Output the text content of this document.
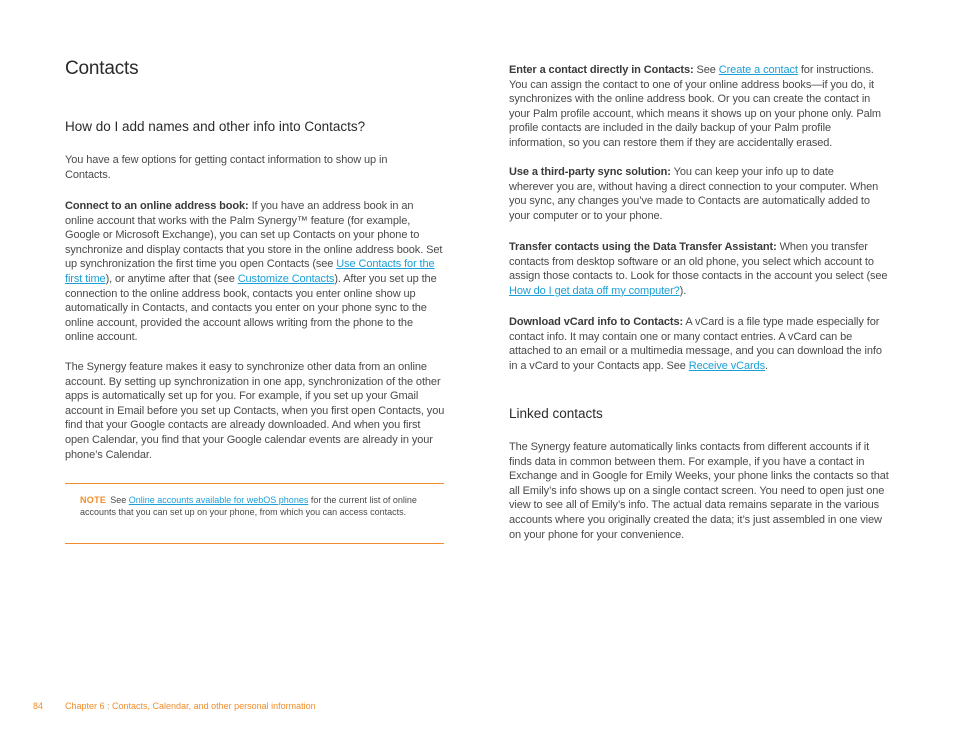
Contacts
How do I add names and other info into Contacts?

You have a few options for getting contact information to show up in Contacts.

Connect to an online address book: If you have an address book in an online account that works with the Palm Synergy™ feature (for example, Google or Microsoft Exchange), you can set up Contacts on your phone to synchronize and display contacts that you store in the online address book. Set up synchronization the first time you open Contacts (see Use Contacts for the first time), or anytime after that (see Customize Contacts). After you set up the connection to the online address book, contacts you enter online show up automatically in Contacts, and contacts you enter on your phone sync to the online account, provided the account allows writing from the phone to the online account.

The Synergy feature makes it easy to synchronize other data from an online account. By setting up synchronization in one app, synchronization of the other apps is automatically set up for you. For example, if you set up your Gmail account in Email before you set up Contacts, when you first open Contacts, you find that your Google contacts are already downloaded. And when you first open Calendar, you find that your Google calendar events are already in your phone’s Calendar.

NOTE See Online accounts available for webOS phones for the current list of online accounts that you can set up on your phone, from which you can access contacts.

Enter a contact directly in Contacts: See Create a contact for instructions. You can assign the contact to one of your online address books—if you do, it synchronizes with the online address book. Or you can create the contact in your Palm profile account, which means it shows up on your phone only. Palm profile contacts are included in the daily backup of your Palm profile information, so you can restore them if they are accidentally erased.

Use a third-party sync solution: You can keep your info up to date wherever you are, without having a direct connection to your computer. When you sync, any changes you’ve made to Contacts are automatically added to your computer or to your phone.

Transfer contacts using the Data Transfer Assistant: When you transfer contacts from desktop software or an old phone, you select which account to assign those contacts to. Look for those contacts in the account you select (see How do I get data off my computer?).

Download vCard info to Contacts: A vCard is a file type made especially for contact info. It may contain one or many contact entries. A vCard can be attached to an email or a multimedia message, and you can download the info in a vCard to your Contacts app. See Receive vCards.

Linked contacts

The Synergy feature automatically links contacts from different accounts if it finds data in common between them. For example, if you have a contact in Exchange and in Google for Emily Weeks, your phone links the contacts so that all Emily’s info shows up on a single contact screen. You need to open just one view to see all of Emily’s info. The actual data remains separate in the various accounts where you originally created the data; it’s just assembled in one view on your phone for your convenience.

84 Chapter 6 : Contacts, Calendar, and other personal information
